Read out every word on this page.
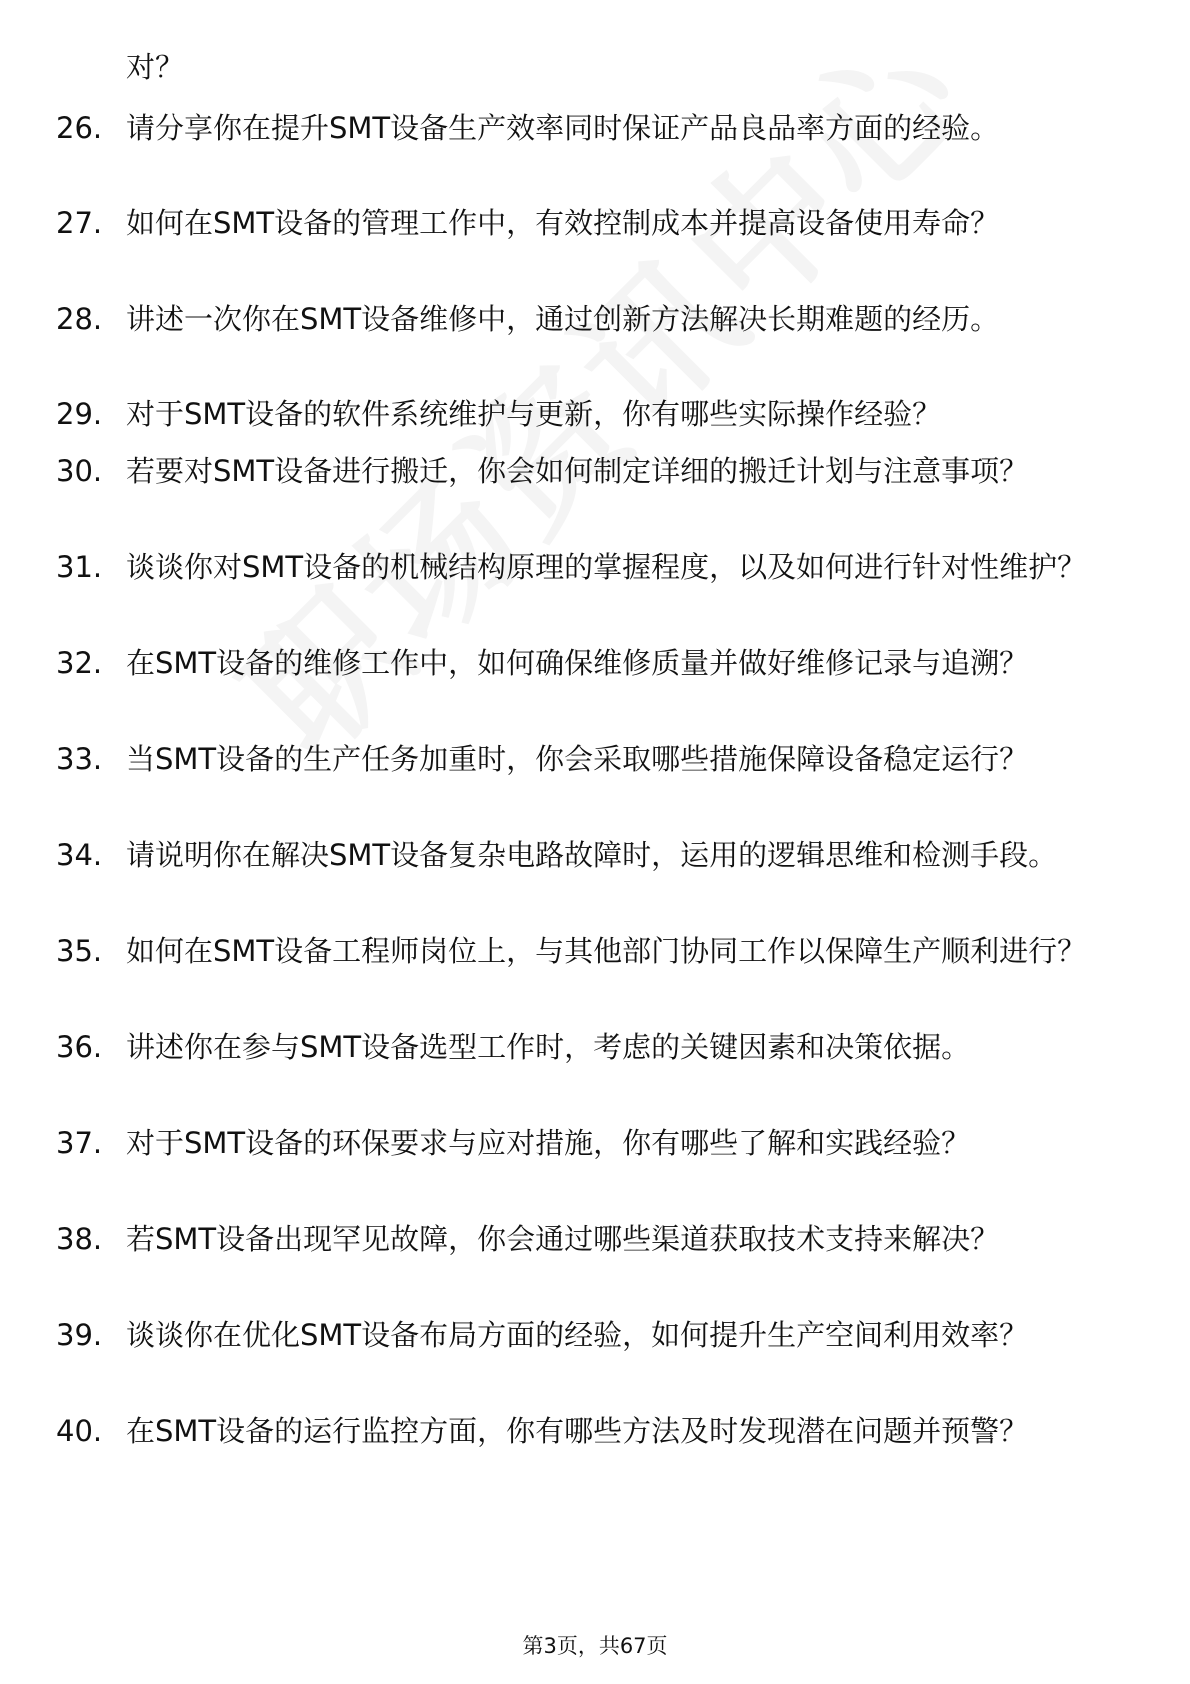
对？
26. 请分享你在提升SMT设备生产效率同时保证产品良品率方面的经验。
27. 如何在SMT设备的管理工作中，有效控制成本并提高设备使用寿命？
28. 讲述一次你在SMT设备维修中，通过创新方法解决长期难题的经历。
29. 对于SMT设备的软件系统维护与更新，你有哪些实际操作经验？
30. 若要对SMT设备进行搬迁，你会如何制定详细的搬迁计划与注意事项？
31. 谈谈你对SMT设备的机械结构原理的掌握程度，以及如何进行针对性维护？
32. 在SMT设备的维修工作中，如何确保维修质量并做好维修记录与追溯？
33. 当SMT设备的生产任务加重时，你会采取哪些措施保障设备稳定运行？
34. 请说明你在解决SMT设备复杂电路故障时，运用的逻辑思维和检测手段。
35. 如何在SMT设备工程师岗位上，与其他部门协同工作以保障生产顺利进行？
36. 讲述你在参与SMT设备选型工作时，考虑的关键因素和决策依据。
37. 对于SMT设备的环保要求与应对措施，你有哪些了解和实践经验？
38. 若SMT设备出现罕见故障，你会通过哪些渠道获取技术支持来解决？
39. 谈谈你在优化SMT设备布局方面的经验，如何提升生产空间利用效率？
40. 在SMT设备的运行监控方面，你有哪些方法及时发现潜在问题并预警？
第3页，共67页
